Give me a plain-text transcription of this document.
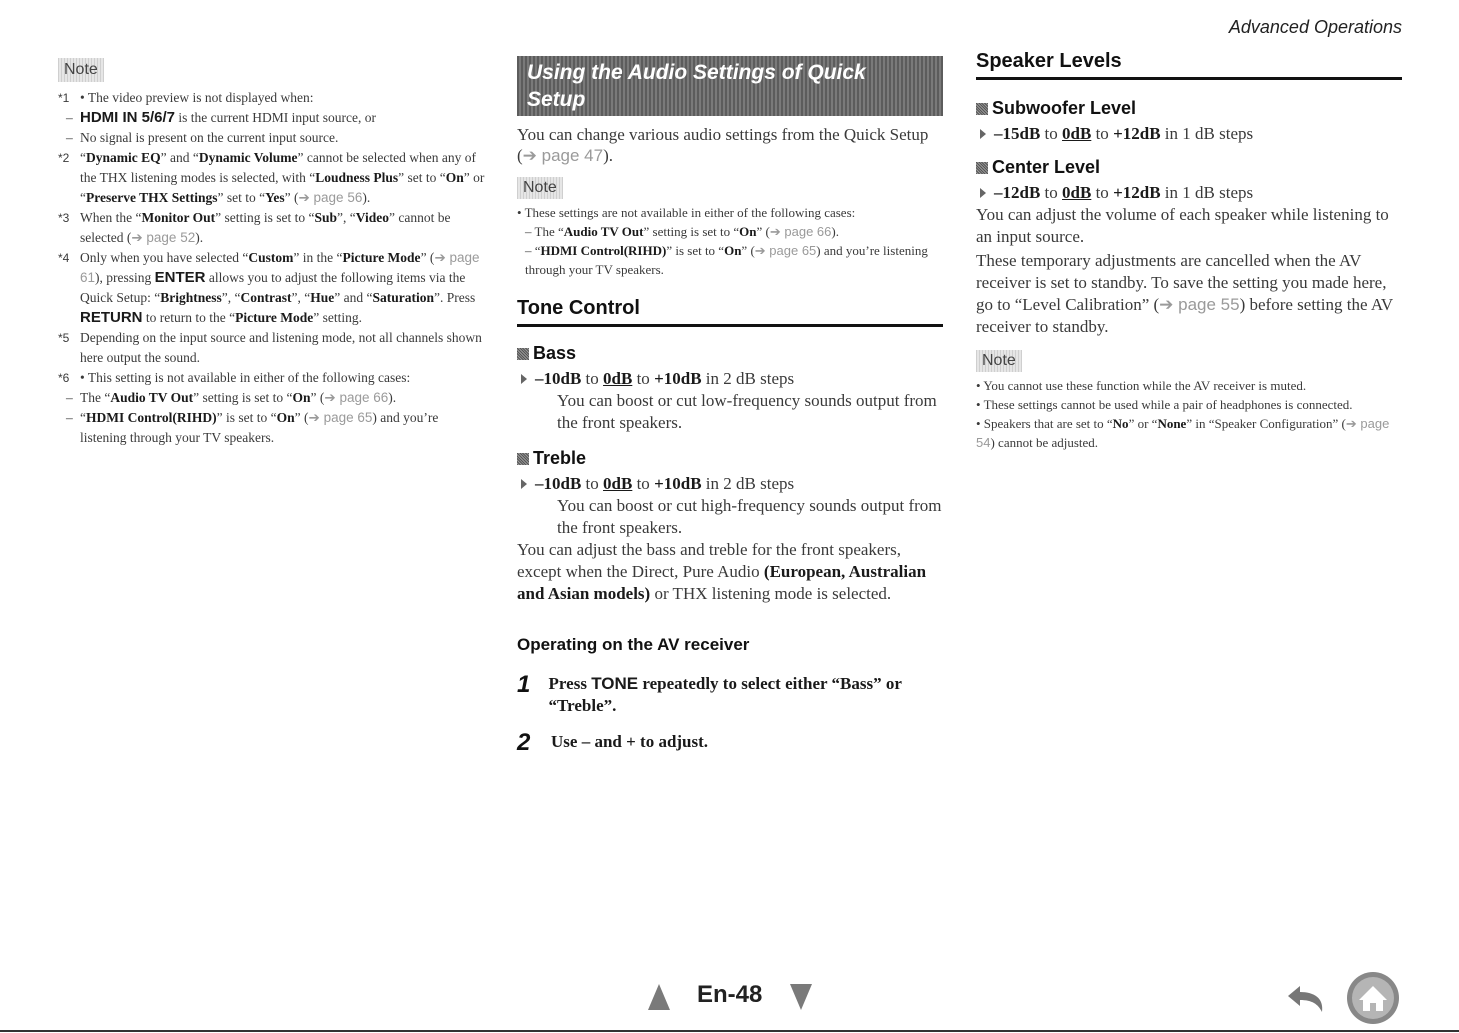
Advanced Operations
Note
*1 • The video preview is not displayed when:
– HDMI IN 5/6/7 is the current HDMI input source, or
– No signal is present on the current input source.
*2 “Dynamic EQ” and “Dynamic Volume” cannot be selected when any of the THX listening modes is selected, with “Loudness Plus” set to “On” or “Preserve THX Settings” set to “Yes” (➔ page 56).
*3 When the “Monitor Out” setting is set to “Sub”, “Video” cannot be selected (➔ page 52).
*4 Only when you have selected “Custom” in the “Picture Mode” (➔ page 61), pressing ENTER allows you to adjust the following items via the Quick Setup: “Brightness”, “Contrast”, “Hue” and “Saturation”. Press RETURN to return to the “Picture Mode” setting.
*5 Depending on the input source and listening mode, not all channels shown here output the sound.
*6 • This setting is not available in either of the following cases:
– The “Audio TV Out” setting is set to “On” (➔ page 66).
– “HDMI Control(RIHD)” is set to “On” (➔ page 65) and you’re listening through your TV speakers.
Using the Audio Settings of Quick
Setup
You can change various audio settings from the Quick Setup (➔ page 47).
Note
• These settings are not available in either of the following cases:
– The “Audio TV Out” setting is set to “On” (➔ page 66).
– “HDMI Control(RIHD)” is set to “On” (➔ page 65) and you’re listening through your TV speakers.
Tone Control
Bass
–10dB to 0dB to +10dB in 2 dB steps
You can boost or cut low-frequency sounds output from the front speakers.
Treble
–10dB to 0dB to +10dB in 2 dB steps
You can boost or cut high-frequency sounds output from the front speakers.
You can adjust the bass and treble for the front speakers, except when the Direct, Pure Audio (European, Australian and Asian models) or THX listening mode is selected.
Operating on the AV receiver
1	Press TONE repeatedly to select either “Bass” or “Treble”.
2	Use – and + to adjust.
Speaker Levels
Subwoofer Level
–15dB to 0dB to +12dB in 1 dB steps
Center Level
–12dB to 0dB to +12dB in 1 dB steps
You can adjust the volume of each speaker while listening to an input source.
These temporary adjustments are cancelled when the AV receiver is set to standby. To save the setting you made here, go to “Level Calibration” (➔ page 55) before setting the AV receiver to standby.
Note
• You cannot use these function while the AV receiver is muted.
• These settings cannot be used while a pair of headphones is connected.
• Speakers that are set to “No” or “None” in “Speaker Configuration” (➔ page 54) cannot be adjusted.
En-48
